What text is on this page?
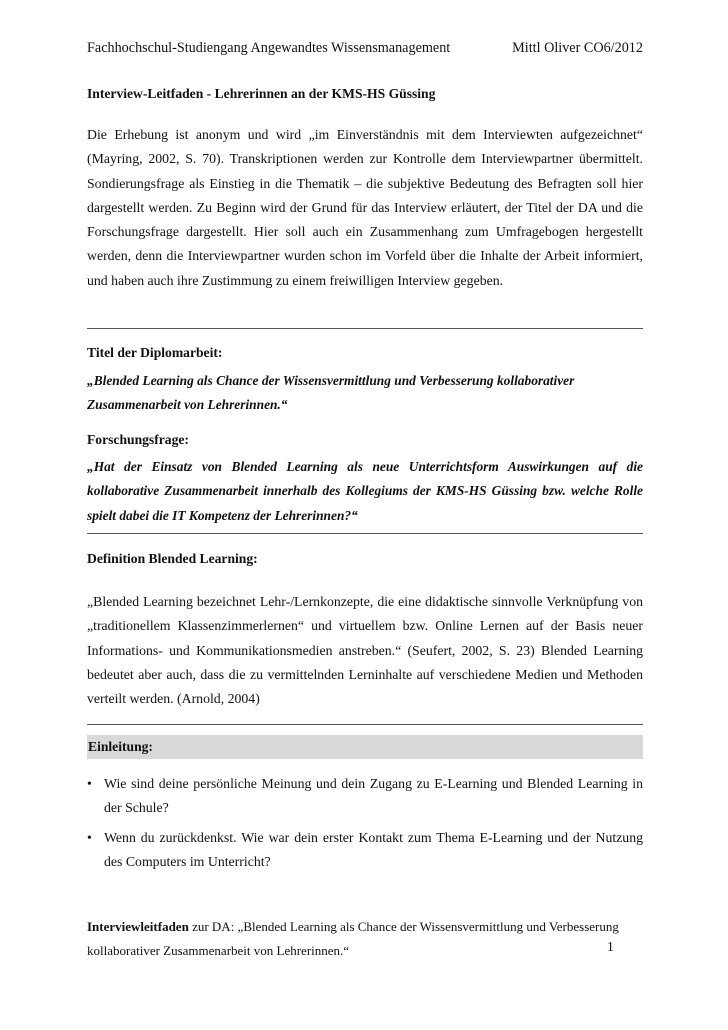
Fachhochschul-Studiengang Angewandtes Wissensmanagement	Mittl Oliver CO6/2012
Interview-Leitfaden - Lehrerinnen an der KMS-HS Güssing
Die Erhebung ist anonym und wird „im Einverständnis mit dem Interviewten aufgezeichnet“ (Mayring, 2002, S. 70). Transkriptionen werden zur Kontrolle dem Interviewpartner übermittelt. Sondierungsfrage als Einstieg in die Thematik – die subjektive Bedeutung des Befragten soll hier dargestellt werden. Zu Beginn wird der Grund für das Interview erläutert, der Titel der DA und die Forschungsfrage dargestellt. Hier soll auch ein Zusammenhang zum Umfragebogen hergestellt werden, denn die Interviewpartner wurden schon im Vorfeld über die Inhalte der Arbeit informiert, und haben auch ihre Zustimmung zu einem freiwilligen Interview gegeben.
Titel der Diplomarbeit:
„Blended Learning als Chance der Wissensvermittlung und Verbesserung kollaborativer
Zusammenarbeit von Lehrerinnen.“
Forschungsfrage:
„Hat der Einsatz von Blended Learning als neue Unterrichtsform Auswirkungen auf die kollaborative Zusammenarbeit innerhalb des Kollegiums der KMS-HS Güssing bzw. welche Rolle spielt dabei die IT Kompetenz der Lehrerinnen?“
Definition Blended Learning:
„Blended Learning bezeichnet Lehr-/Lernkonzepte, die eine didaktische sinnvolle Verknüpfung von „traditionellem Klassenzimmerlernen“ und virtuellem bzw. Online Lernen auf der Basis neuer Informations- und Kommunikationsmedien anstreben.“ (Seufert, 2002, S. 23) Blended Learning bedeutet aber auch, dass die zu vermittelnden Lerninhalte auf verschiedene Medien und Methoden verteilt werden. (Arnold, 2004)
Einleitung:
• Wie sind deine persönliche Meinung und dein Zugang zu E-Learning und Blended Learning in der Schule?
• Wenn du zurückdenkst. Wie war dein erster Kontakt zum Thema E-Learning und der Nutzung des Computers im Unterricht?
Interviewleitfaden zur DA: „Blended Learning als Chance der Wissensvermittlung und Verbesserung
kollaborativer Zusammenarbeit von Lehrerinnen.“	1
